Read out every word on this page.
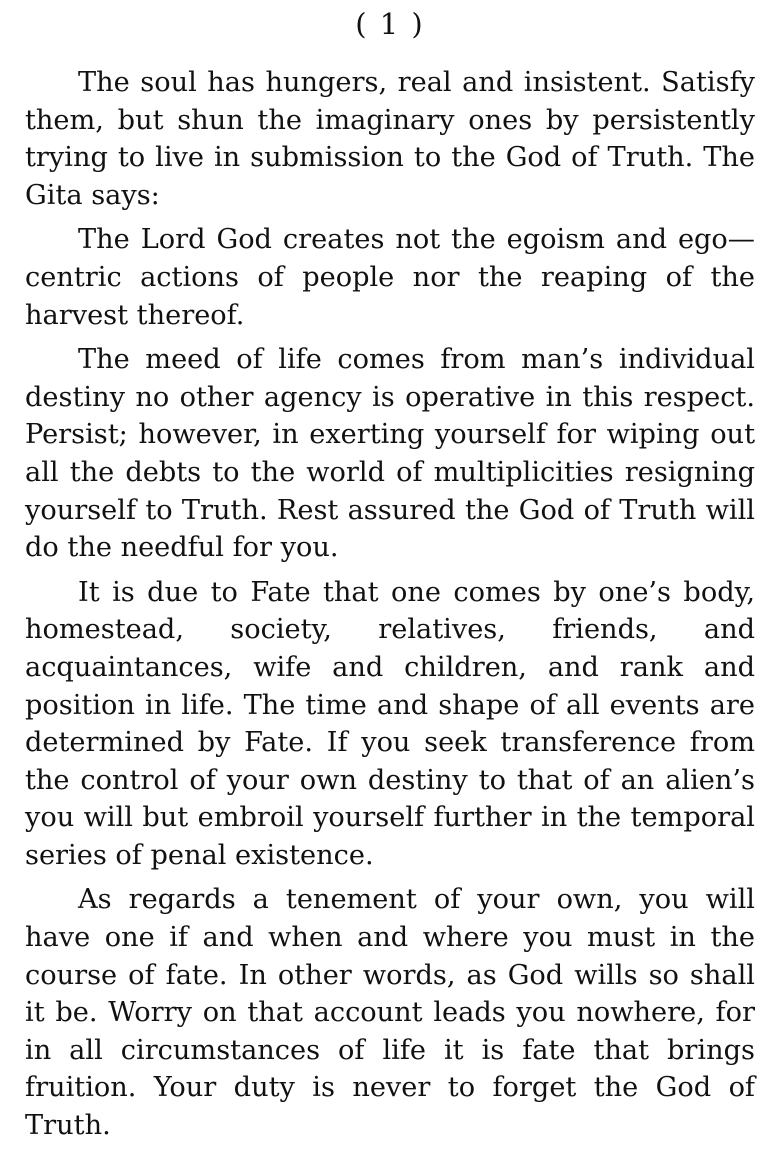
( 1 )

The soul has hungers, real and insistent. Satisfy them, but shun the imaginary ones by persistently trying to live in submission to the God of Truth. The Gita says:

The Lord God creates not the egoism and ego—centric actions of people nor the reaping of the harvest thereof.

The meed of life comes from man’s individual destiny no other agency is operative in this respect. Persist; however, in exerting yourself for wiping out all the debts to the world of multiplicities resigning yourself to Truth. Rest assured the God of Truth will do the needful for you.

It is due to Fate that one comes by one’s body, homestead, society, relatives, friends, and acquaintances, wife and children, and rank and position in life. The time and shape of all events are determined by Fate. If you seek transference from the control of your own destiny to that of an alien’s you will but embroil yourself further in the temporal series of penal existence.

As regards a tenement of your own, you will have one if and when and where you must in the course of fate. In other words, as God wills so shall it be. Worry on that account leads you nowhere, for in all circumstances of life it is fate that brings fruition. Your duty is never to forget the God of Truth.
